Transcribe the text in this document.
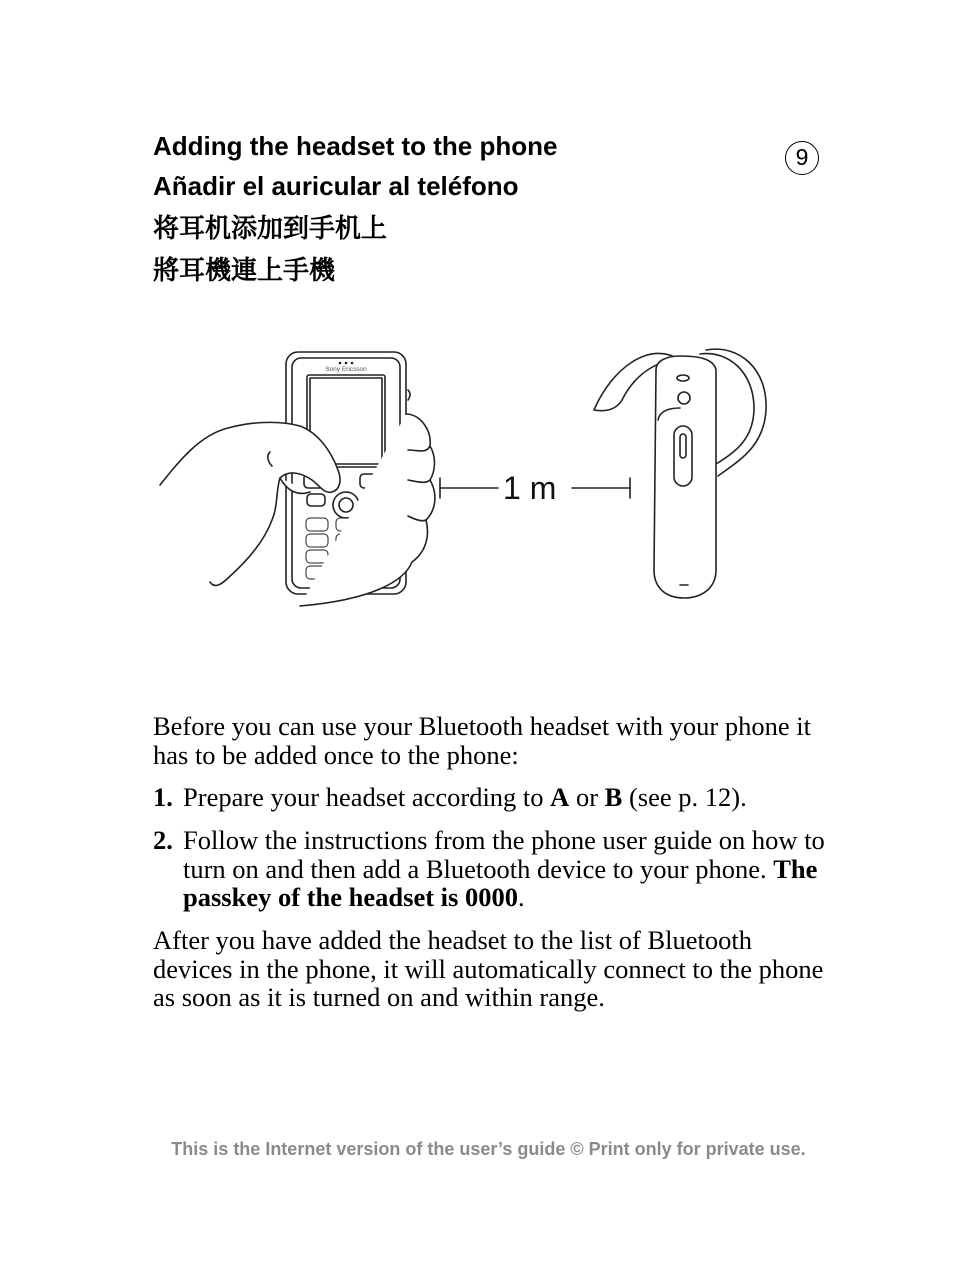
Adding the headset to the phone
Añadir el auricular al teléfono
将耳机添加到手机上
將耳機連上手機
9
Sony Ericsson
1 m
Before you can use your Bluetooth headset with your phone it has to be added once to the phone:
1. Prepare your headset according to A or B (see p. 12).
2. Follow the instructions from the phone user guide on how to turn on and then add a Bluetooth device to your phone. The passkey of the headset is 0000.
After you have added the headset to the list of Bluetooth devices in the phone, it will automatically connect to the phone as soon as it is turned on and within range.
This is the Internet version of the user’s guide © Print only for private use.
